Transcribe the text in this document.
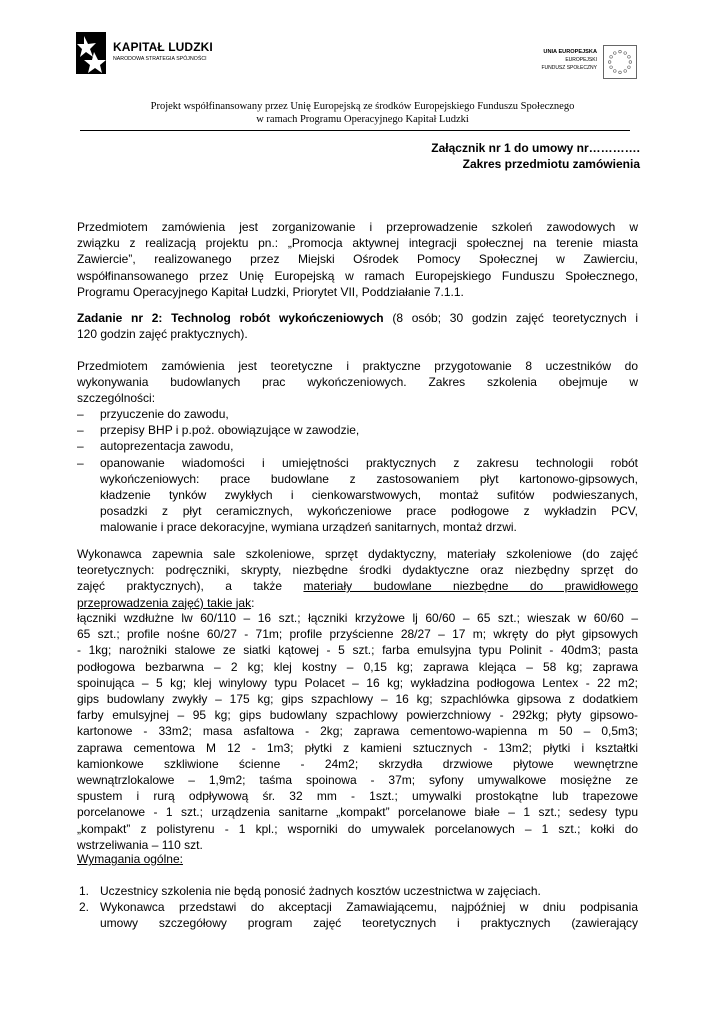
KAPITAŁ LUDZKI
NARODOWA STRATEGIA SPÓJNOŚCI
UNIA EUROPEJSKA
EUROPEJSKI
FUNDUSZ SPOŁECZNY
Projekt współfinansowany przez Unię Europejską ze środków Europejskiego Funduszu Społecznego
w ramach Programu Operacyjnego Kapitał Ludzki
Załącznik nr 1 do umowy nr………….
Zakres przedmiotu zamówienia
Przedmiotem zamówienia jest zorganizowanie i przeprowadzenie szkoleń zawodowych w
związku z realizacją projektu pn.: „Promocja aktywnej integracji społecznej na terenie miasta
Zawiercie”, realizowanego przez Miejski Ośrodek Pomocy Społecznej w Zawierciu,
współfinansowanego przez Unię Europejską w ramach Europejskiego Funduszu Społecznego,
Programu Operacyjnego Kapitał Ludzki, Priorytet VII, Poddziałanie 7.1.1.
Zadanie nr 2: Technolog robót wykończeniowych (8 osób; 30 godzin zajęć teoretycznych i
120 godzin zajęć praktycznych).
Przedmiotem zamówienia jest teoretyczne i praktyczne przygotowanie 8 uczestników do
wykonywania budowlanych prac wykończeniowych. Zakres szkolenia obejmuje w
szczególności:
– przyuczenie do zawodu,
– przepisy BHP i p.poż. obowiązujące w zawodzie,
– autoprezentacja zawodu,
– opanowanie wiadomości i umiejętności praktycznych z zakresu technologii robót
wykończeniowych: prace budowlane z zastosowaniem płyt kartonowo-gipsowych,
kładzenie tynków zwykłych i cienkowarstwowych, montaż sufitów podwieszanych,
posadzki z płyt ceramicznych, wykończeniowe prace podłogowe z wykładzin PCV,
malowanie i prace dekoracyjne, wymiana urządzeń sanitarnych, montaż drzwi.
Wykonawca zapewnia sale szkoleniowe, sprzęt dydaktyczny, materiały szkoleniowe (do zajęć
teoretycznych: podręczniki, skrypty, niezbędne środki dydaktyczne oraz niezbędny sprzęt do
zajęć praktycznych), a także materiały budowlane niezbędne do prawidłowego
przeprowadzenia zajęć) takie jak:
łączniki wzdłużne lw 60/110 – 16 szt.; łączniki krzyżowe lj 60/60 – 65 szt.; wieszak w 60/60 –
65 szt.; profile nośne 60/27 - 71m; profile przyścienne 28/27 – 17 m; wkręty do płyt gipsowych
- 1kg; narożniki stalowe ze siatki kątowej - 5 szt.; farba emulsyjna typu Polinit - 40dm3; pasta
podłogowa bezbarwna – 2 kg; klej kostny – 0,15 kg; zaprawa klejąca – 58 kg; zaprawa
spoinująca – 5 kg; klej winylowy typu Polacet – 16 kg; wykładzina podłogowa Lentex - 22 m2;
gips budowlany zwykły – 175 kg; gips szpachlowy – 16 kg; szpachlówka gipsowa z dodatkiem
farby emulsyjnej – 95 kg; gips budowlany szpachlowy powierzchniowy - 292kg; płyty gipsowo-
kartonowe - 33m2; masa asfaltowa - 2kg; zaprawa cementowo-wapienna m 50 – 0,5m3;
zaprawa cementowa M 12 - 1m3; płytki z kamieni sztucznych - 13m2; płytki i kształtki
kamionkowe szkliwione ścienne - 24m2; skrzydła drzwiowe płytowe wewnętrzne
wewnątrzlokalowe – 1,9m2; taśma spoinowa - 37m; syfony umywalkowe mosiężne ze
spustem i rurą odpływową śr. 32 mm - 1szt.; umywalki prostokątne lub trapezowe
porcelanowe - 1 szt.; urządzenia sanitarne „kompakt” porcelanowe białe – 1 szt.; sedesy typu
„kompakt” z polistyrenu - 1 kpl.; wsporniki do umywalek porcelanowych – 1 szt.; kołki do
wstrzeliwania – 110 szt.
Wymagania ogólne:
1. Uczestnicy szkolenia nie będą ponosić żadnych kosztów uczestnictwa w zajęciach.
2. Wykonawca przedstawi do akceptacji Zamawiającemu, najpóźniej w dniu podpisania
umowy szczegółowy program zajęć teoretycznych i praktycznych (zawierający
